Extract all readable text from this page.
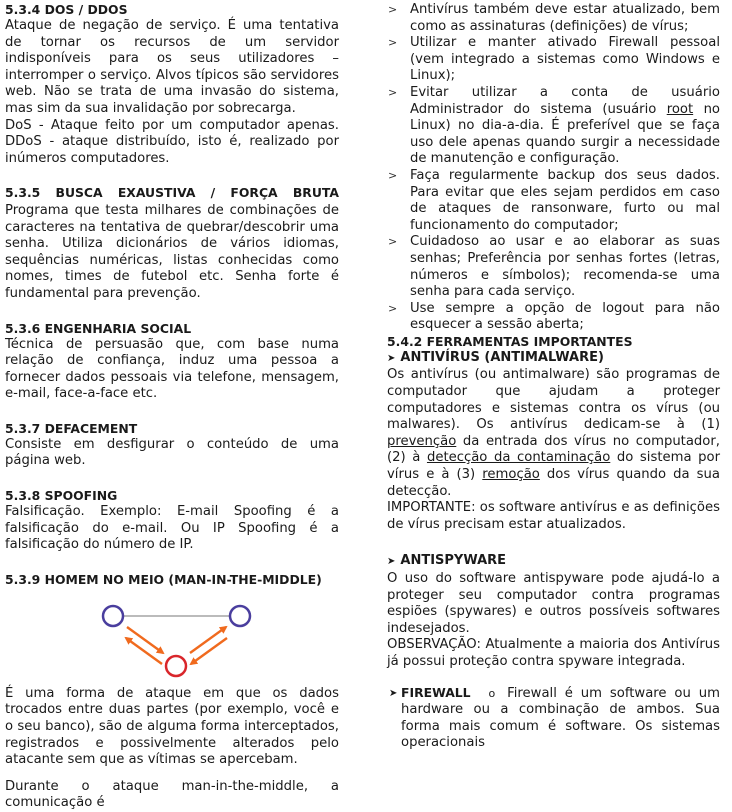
5.3.4 DOS / DDOS

Ataque de negação de serviço. É uma tentativa de tornar os recursos de um servidor indisponíveis para os seus utilizadores – interromper o serviço. Alvos típicos são servidores web. Não se trata de uma invasão do sistema, mas sim da sua invalidação por sobrecarga.

DoS - Ataque feito por um computador apenas. DDoS - ataque distribuído, isto é, realizado por inúmeros computadores.

5.3.5 BUSCA EXAUSTIVA / FORÇA BRUTA Programa que testa milhares de combinações de caracteres na tentativa de quebrar/descobrir uma senha. Utiliza dicionários de vários idiomas, sequências numéricas, listas conhecidas como nomes, times de futebol etc. Senha forte é fundamental para prevenção.

5.3.6 ENGENHARIA SOCIAL

Técnica de persuasão que, com base numa relação de confiança, induz uma pessoa a fornecer dados pessoais via telefone, mensagem, e-mail, face-a-face etc.

5.3.7 DEFACEMENT

Consiste em desfigurar o conteúdo de uma página web.

5.3.8 SPOOFING

Falsificação. Exemplo: E-mail Spoofing é a falsificação do e-mail. Ou IP Spoofing é a falsificação do número de IP.

5.3.9 HOMEM NO MEIO (MAN-IN-THE-MIDDLE)

É uma forma de ataque em que os dados trocados entre duas partes (por exemplo, você e o seu banco), são de alguma forma interceptados, registrados e possivelmente alterados pelo atacante sem que as vítimas se apercebam.

Durante o ataque man-in-the-middle, a comunicação é

> Antivírus também deve estar atualizado, bem como as assinaturas (definições) de vírus;
> Utilizar e manter ativado Firewall pessoal (vem integrado a sistemas como Windows e Linux);
> Evitar utilizar a conta de usuário Administrador do sistema (usuário root no Linux) no dia-a-dia. É preferível que se faça uso dele apenas quando surgir a necessidade de manutenção e configuração.
> Faça regularmente backup dos seus dados. Para evitar que eles sejam perdidos em caso de ataques de ransonware, furto ou mal funcionamento do computador;
> Cuidadoso ao usar e ao elaborar as suas senhas; Preferência por senhas fortes (letras, números e símbolos); recomenda-se uma senha para cada serviço.
> Use sempre a opção de logout para não esquecer a sessão aberta;
5.4.2 FERRAMENTAS IMPORTANTES
➤ ANTIVÍRUS (ANTIMALWARE)

Os antivírus (ou antimalware) são programas de computador que ajudam a proteger computadores e sistemas contra os vírus (ou malwares). Os antivírus dedicam-se à (1) prevenção da entrada dos vírus no computador, (2) à detecção da contaminação do sistema por vírus e à (3) remoção dos vírus quando da sua detecção.

IMPORTANTE: os software antivírus e as definições de vírus precisam estar atualizados.

➤ ANTISPYWARE

O uso do software antispyware pode ajudá-lo a proteger seu computador contra programas espiões (spywares) e outros possíveis softwares indesejados.

OBSERVAÇÃO: Atualmente a maioria dos Antivírus já possui proteção contra spyware integrada.

➤ FIREWALL o Firewall é um software ou um hardware ou a combinação de ambos. Sua forma mais comum é software. Os sistemas operacionais
